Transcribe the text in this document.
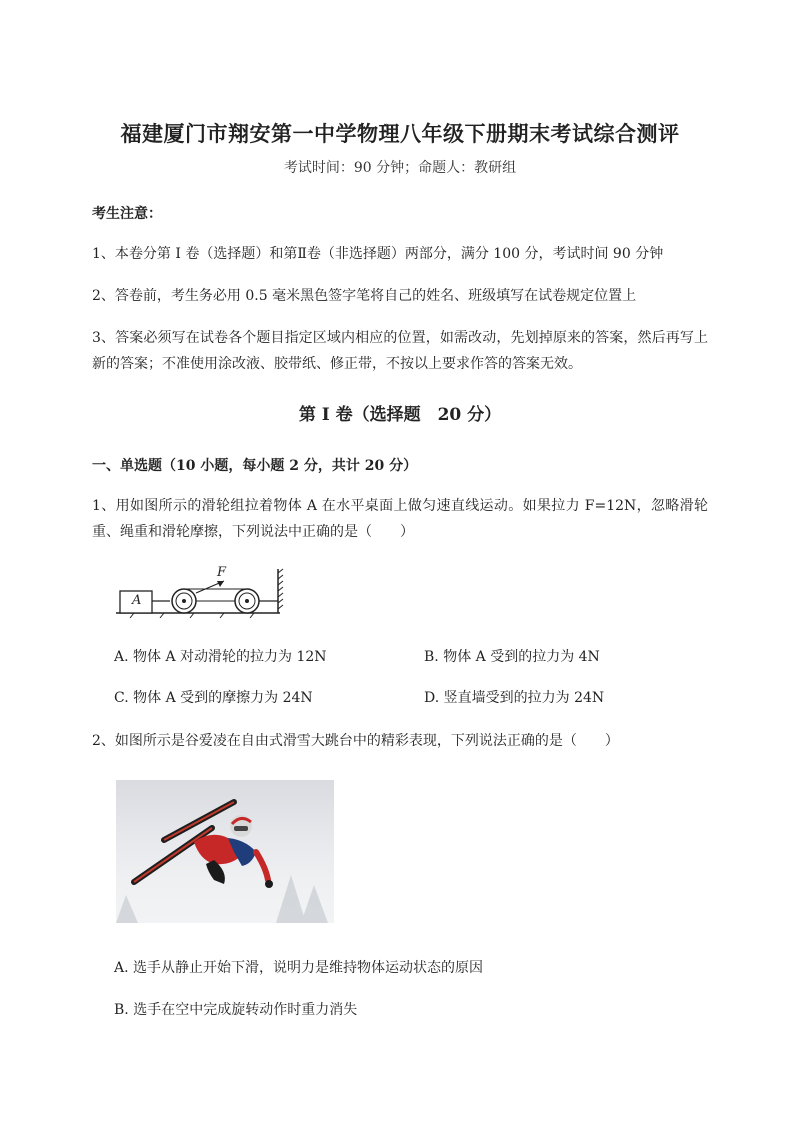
福建厦门市翔安第一中学物理八年级下册期末考试综合测评
考试时间：90 分钟；命题人：教研组
考生注意：
1、本卷分第 I 卷（选择题）和第Ⅱ卷（非选择题）两部分，满分 100 分，考试时间 90 分钟
2、答卷前，考生务必用 0.5 毫米黑色签字笔将自己的姓名、班级填写在试卷规定位置上
3、答案必须写在试卷各个题目指定区域内相应的位置，如需改动，先划掉原来的答案，然后再写上新的答案；不准使用涂改液、胶带纸、修正带，不按以上要求作答的答案无效。
第 I 卷（选择题　20 分）
一、单选题（10 小题，每小题 2 分，共计 20 分）
1、用如图所示的滑轮组拉着物体 A 在水平桌面上做匀速直线运动。如果拉力 F=12N，忽略滑轮重、绳重和滑轮摩擦，下列说法中正确的是（　　）
A
F
A. 物体 A 对动滑轮的拉力为 12N	B. 物体 A 受到的拉力为 4N
C. 物体 A 受到的摩擦力为 24N	D. 竖直墙受到的拉力为 24N
2、如图所示是谷爱凌在自由式滑雪大跳台中的精彩表现，下列说法正确的是（　　）
A. 选手从静止开始下滑，说明力是维持物体运动状态的原因
B. 选手在空中完成旋转动作时重力消失
